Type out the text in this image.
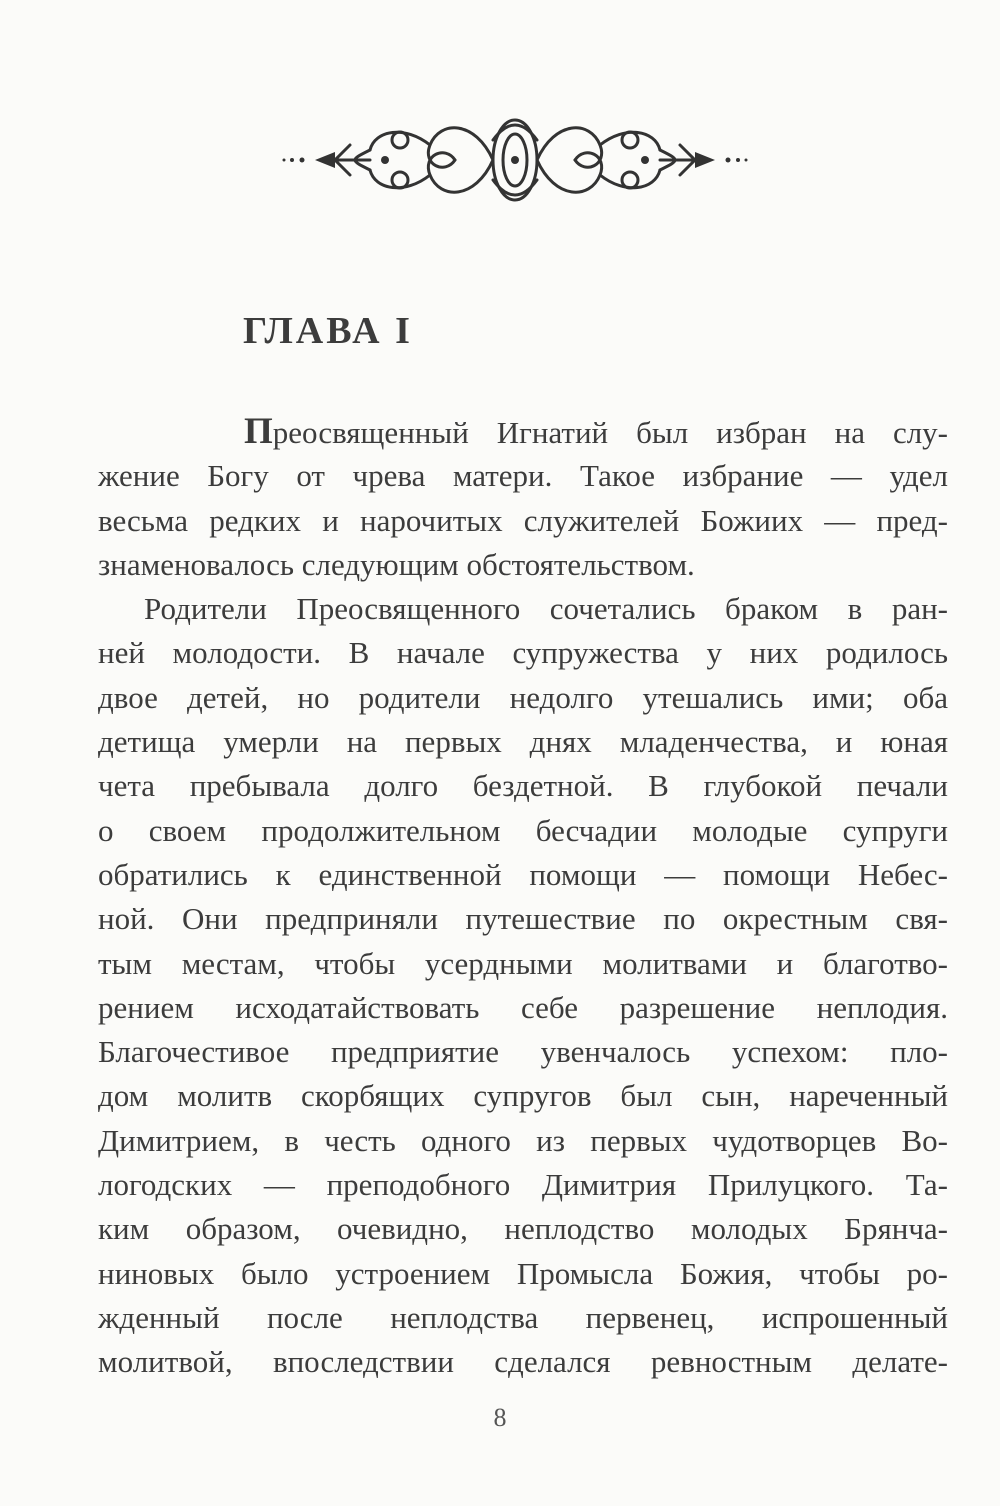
ГЛАВА I
Преосвященный Игнатий был избран на слу-
жение Богу от чрева матери. Такое избрание — удел
весьма редких и нарочитых служителей Божиих — пред-
знаменовалось следующим обстоятельством.
Родители Преосвященного сочетались браком в ран-
ней молодости. В начале супружества у них родилось
двое детей, но родители недолго утешались ими; оба
детища умерли на первых днях младенчества, и юная
чета пребывала долго бездетной. В глубокой печали
о своем продолжительном бесчадии молодые супруги
обратились к единственной помощи — помощи Небес-
ной. Они предприняли путешествие по окрестным свя-
тым местам, чтобы усердными молитвами и благотво-
рением исходатайствовать себе разрешение неплодия.
Благочестивое предприятие увенчалось успехом: пло-
дом молитв скорбящих супругов был сын, нареченный
Димитрием, в честь одного из первых чудотворцев Во-
логодских — преподобного Димитрия Прилуцкого. Та-
ким образом, очевидно, неплодство молодых Брянча-
ниновых было устроением Промысла Божия, чтобы ро-
жденный после неплодства первенец, испрошенный
молитвой, впоследствии сделался ревностным делате-
8
